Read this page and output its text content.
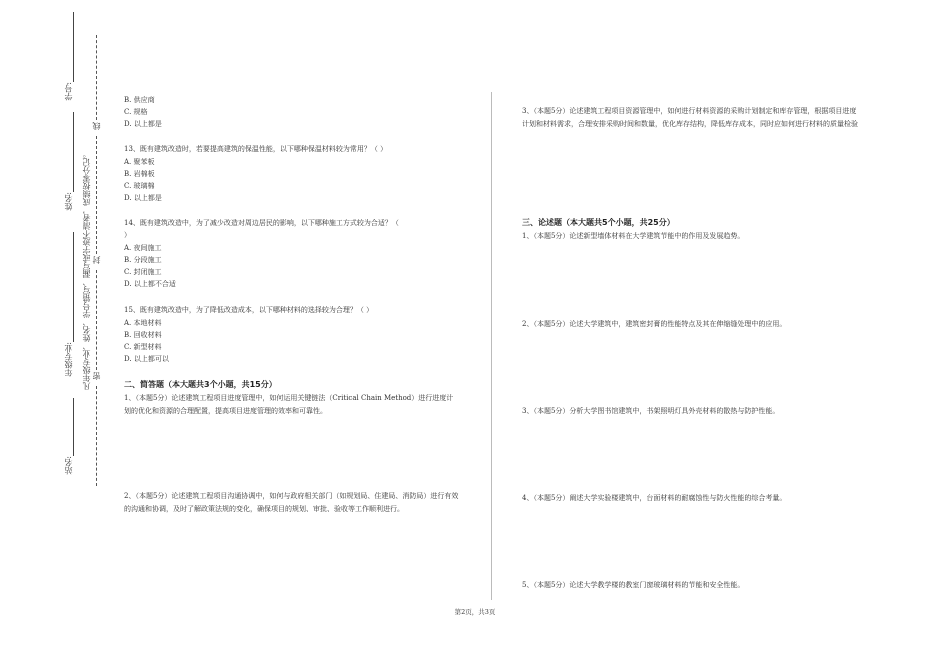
学号:
姓名:
年级专业:
站名:
凡年级专业、姓名、学号错写、漏写或字迹不清者，成绩按零分记。
线
封
密
B. 供应商
C. 规格
D. 以上都是
13、既有建筑改造时，若要提高建筑的保温性能，以下哪种保温材料较为常用？（ ）
A. 聚苯板
B. 岩棉板
C. 玻璃棉
D. 以上都是
14、既有建筑改造中，为了减少改造对周边居民的影响，以下哪种施工方式较为合适？（
）
A. 夜间施工
B. 分段施工
C. 封闭施工
D. 以上都不合适
15、既有建筑改造中，为了降低改造成本，以下哪种材料的选择较为合理？（ ）
A. 本地材料
B. 回收材料
C. 新型材料
D. 以上都可以
二、简答题（本大题共3个小题，共15分）
1、（本题5分）论述建筑工程项目进度管理中，如何运用关键链法（Critical Chain Method）进行进度计划的优化和资源的合理配置，提高项目进度管理的效率和可靠性。
2、（本题5分）论述建筑工程项目沟通协调中，如何与政府相关部门（如规划局、住建局、消防局）进行有效的沟通和协调，及时了解政策法规的变化，确保项目的规划、审批、验收等工作顺利进行。
3、（本题5分）论述建筑工程项目资源管理中，如何进行材料资源的采购计划制定和库存管理，根据项目进度计划和材料需求，合理安排采购时间和数量，优化库存结构，降低库存成本，同时应如何进行材料的质量检验
三、论述题（本大题共5个小题，共25分）
1、（本题5分）论述新型墙体材料在大学建筑节能中的作用及发展趋势。
2、（本题5分）论述大学建筑中，建筑密封膏的性能特点及其在伸缩缝处理中的应用。
3、（本题5分）分析大学图书馆建筑中，书架照明灯具外壳材料的散热与防护性能。
4、（本题5分）阐述大学实验楼建筑中，台面材料的耐腐蚀性与防火性能的综合考量。
5、（本题5分）论述大学教学楼的教室门窗玻璃材料的节能和安全性能。
第2页，共3页
